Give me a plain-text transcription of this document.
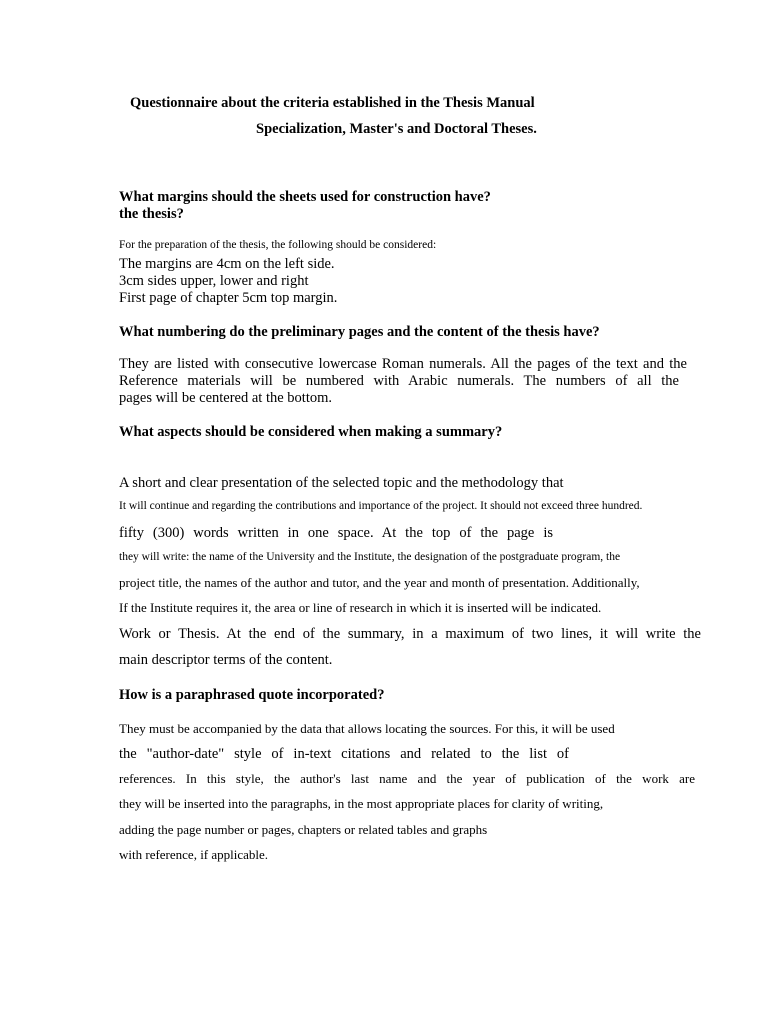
Questionnaire about the criteria established in the Thesis Manual
Specialization, Master's and Doctoral Theses.
What margins should the sheets used for construction have?
the thesis?
For the preparation of the thesis, the following should be considered:
The margins are 4cm on the left side.
3cm sides upper, lower and right
First page of chapter 5cm top margin.
What numbering do the preliminary pages and the content of the thesis have?
They are listed with consecutive lowercase Roman numerals. All the pages of the text and the
Reference materials will be numbered with Arabic numerals. The numbers of all the
pages will be centered at the bottom.
What aspects should be considered when making a summary?
A short and clear presentation of the selected topic and the methodology that
It will continue and regarding the contributions and importance of the project. It should not exceed three hundred.
fifty (300) words written in one space. At the top of the page is
they will write: the name of the University and the Institute, the designation of the postgraduate program, the
project title, the names of the author and tutor, and the year and month of presentation. Additionally,
If the Institute requires it, the area or line of research in which it is inserted will be indicated.
Work or Thesis. At the end of the summary, in a maximum of two lines, it will write the
main descriptor terms of the content.
How is a paraphrased quote incorporated?
They must be accompanied by the data that allows locating the sources. For this, it will be used
the "author-date" style of in-text citations and related to the list of
references. In this style, the author's last name and the year of publication of the work are
they will be inserted into the paragraphs, in the most appropriate places for clarity of writing,
adding the page number or pages, chapters or related tables and graphs
with reference, if applicable.
